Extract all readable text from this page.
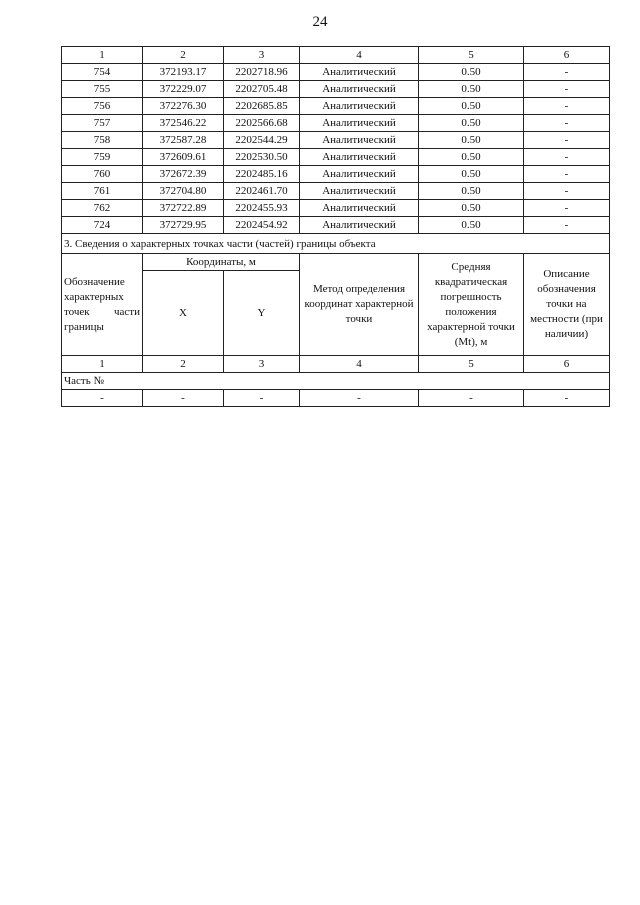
24
1	2	3	4	5	6
754	372193.17	2202718.96	Аналитический	0.50	-
755	372229.07	2202705.48	Аналитический	0.50	-
756	372276.30	2202685.85	Аналитический	0.50	-
757	372546.22	2202566.68	Аналитический	0.50	-
758	372587.28	2202544.29	Аналитический	0.50	-
759	372609.61	2202530.50	Аналитический	0.50	-
760	372672.39	2202485.16	Аналитический	0.50	-
761	372704.80	2202461.70	Аналитический	0.50	-
762	372722.89	2202455.93	Аналитический	0.50	-
724	372729.95	2202454.92	Аналитический	0.50	-
3. Сведения о характерных точках части (частей) границы объекта					
Обозначение
характерных

точек части
границы	Координаты, м		Метод определения координат характерной точки	Средняя квадратическая погрешность положения характерной точки (Mt), м	Описание обозначения точки на местности (при наличии)
	X	Y			
1	2	3	4	5	6
Часть №					
-	-	-	-	-	-
